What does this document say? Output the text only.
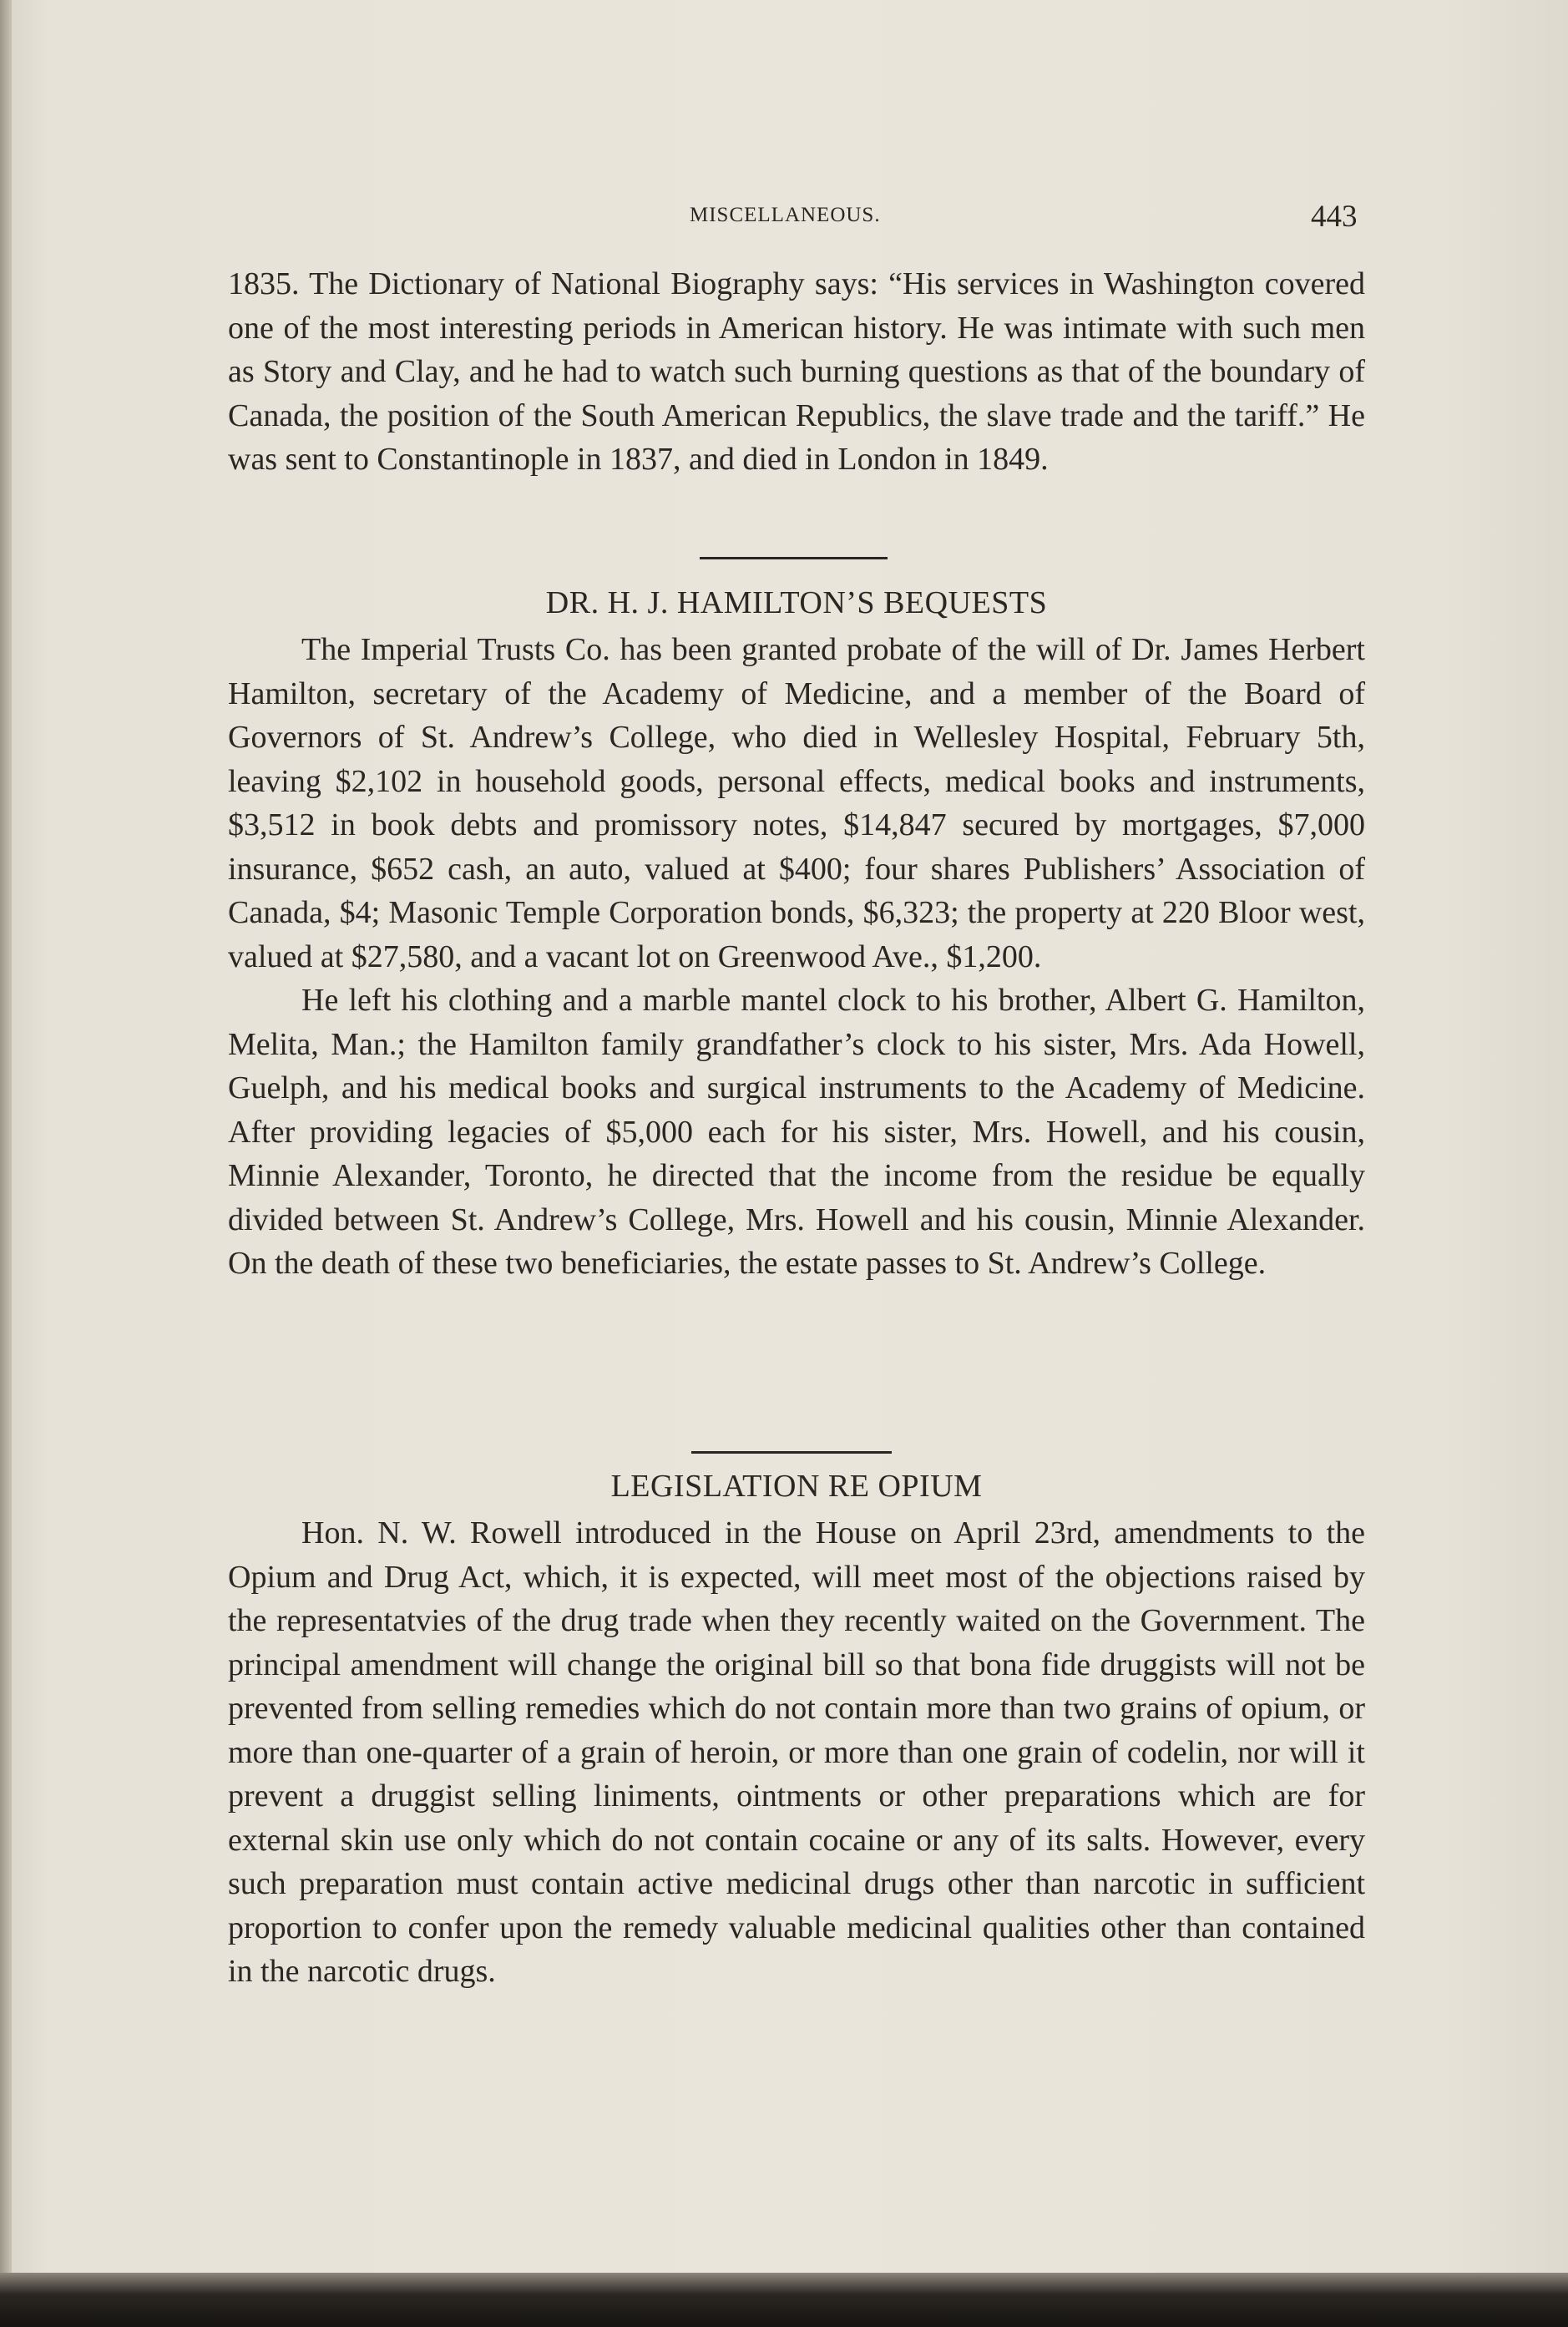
MISCELLANEOUS.	443

1835. The Dictionary of National Biography says: “His services in Washington covered one of the most interesting periods in American history. He was intimate with such men as Story and Clay, and he had to watch such burning questions as that of the boundary of Canada, the position of the South American Republics, the slave trade and the tariff.” He was sent to Constantinople in 1837, and died in London in 1849.

DR. H. J. HAMILTON’S BEQUESTS

The Imperial Trusts Co. has been granted probate of the will of Dr. James Herbert Hamilton, secretary of the Academy of Medicine, and a member of the Board of Governors of St. Andrew’s College, who died in Wellesley Hospital, February 5th, leaving $2,102 in household goods, personal effects, medical books and instruments, $3,512 in book debts and promissory notes, $14,847 secured by mortgages, $7,000 insurance, $652 cash, an auto, valued at $400; four shares Publishers’ Association of Canada, $4; Masonic Temple Corporation bonds, $6,323; the property at 220 Bloor west, valued at $27,580, and a vacant lot on Greenwood Ave., $1,200.

He left his clothing and a marble mantel clock to his brother, Albert G. Hamilton, Melita, Man.; the Hamilton family grandfather’s clock to his sister, Mrs. Ada Howell, Guelph, and his medical books and surgical instruments to the Academy of Medicine. After providing legacies of $5,000 each for his sister, Mrs. Howell, and his cousin, Minnie Alexander, Toronto, he directed that the income from the residue be equally divided between St. Andrew’s College, Mrs. Howell and his cousin, Minnie Alexander. On the death of these two beneficiaries, the estate passes to St. Andrew’s College.

LEGISLATION RE OPIUM

Hon. N. W. Rowell introduced in the House on April 23rd, amendments to the Opium and Drug Act, which, it is expected, will meet most of the objections raised by the representatvies of the drug trade when they recently waited on the Government. The principal amendment will change the original bill so that bona fide druggists will not be prevented from selling remedies which do not contain more than two grains of opium, or more than one-quarter of a grain of heroin, or more than one grain of codelin, nor will it prevent a druggist selling liniments, ointments or other preparations which are for external skin use only which do not contain cocaine or any of its salts. However, every such preparation must contain active medicinal drugs other than narcotic in sufficient proportion to confer upon the remedy valuable medicinal qualities other than contained in the narcotic drugs.
